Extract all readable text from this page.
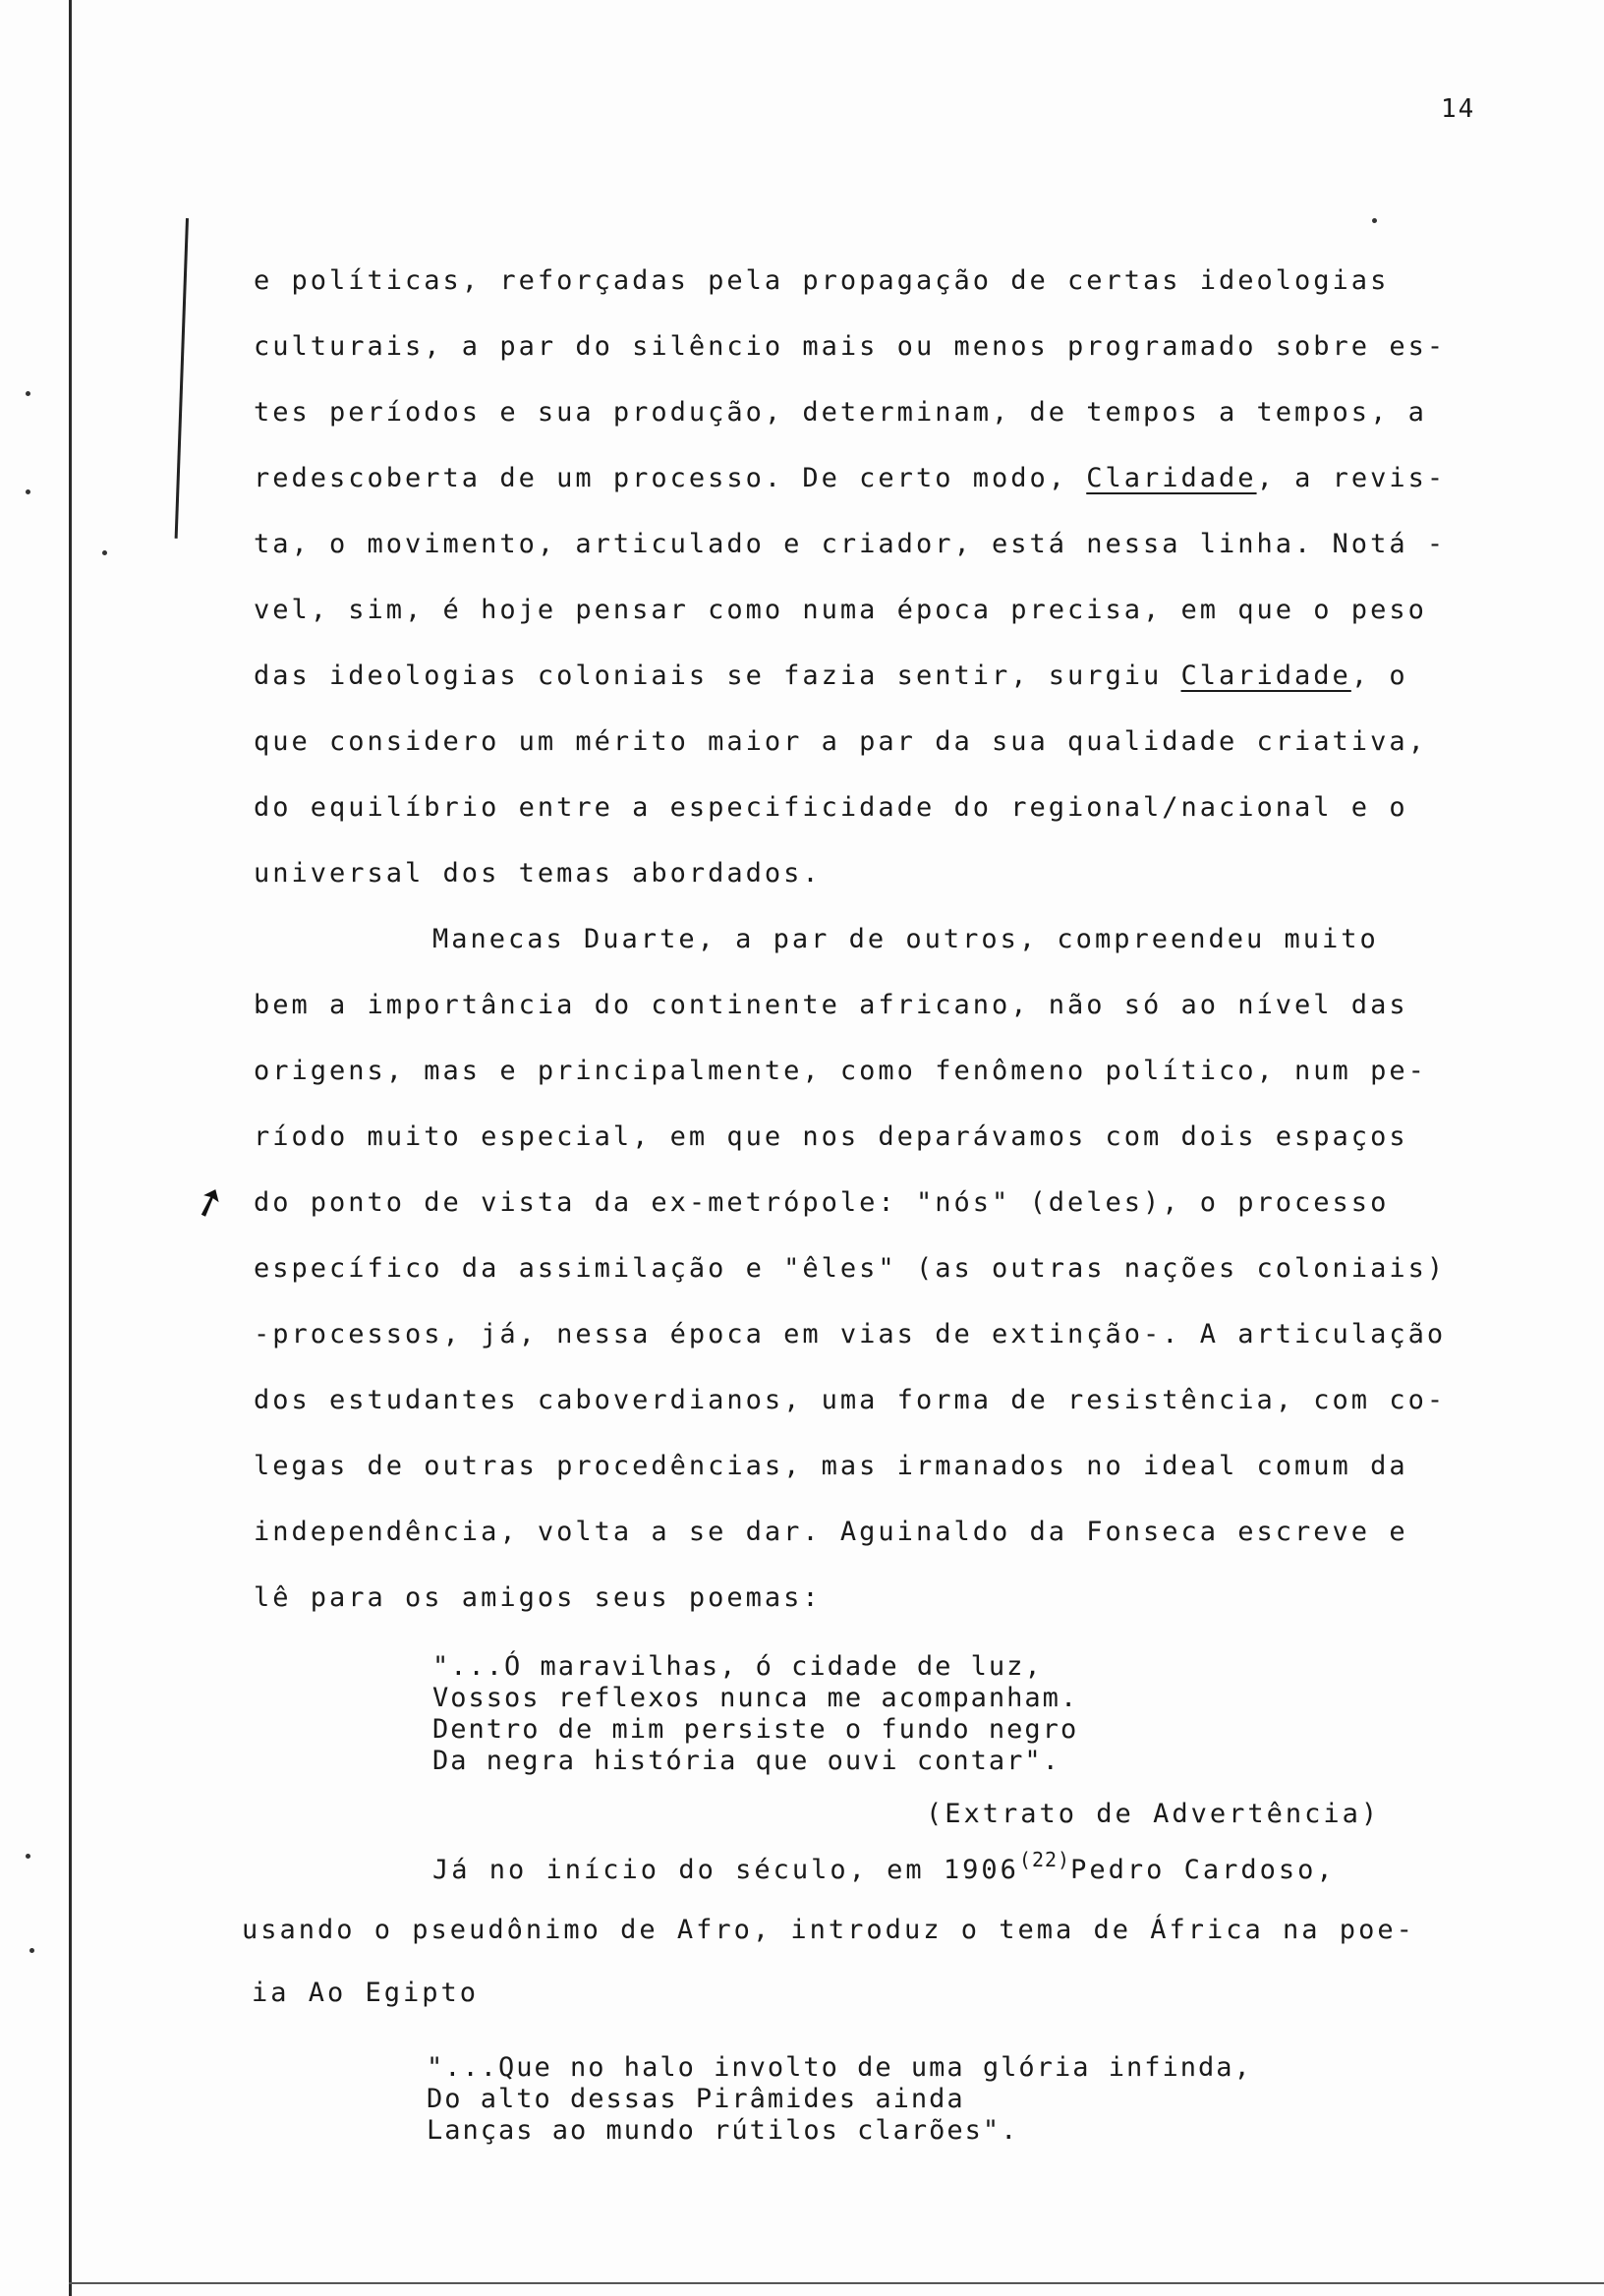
14
➚
e políticas, reforçadas pela propagação de certas ideologias
culturais, a par do silêncio mais ou menos programado sobre es-
tes períodos e sua produção, determinam, de tempos a tempos, a
redescoberta de um processo. De certo modo, Claridade, a revis-
ta, o movimento, articulado e criador, está nessa linha. Notá -
vel, sim, é hoje pensar como numa época precisa, em que o peso
das ideologias coloniais se fazia sentir, surgiu Claridade, o
que considero um mérito maior a par da sua qualidade criativa,
do equilíbrio entre a especificidade do regional/nacional e o
universal dos temas abordados.
Manecas Duarte, a par de outros, compreendeu muito
bem a importância do continente africano, não só ao nível das
origens, mas e principalmente, como fenômeno político, num pe-
ríodo muito especial, em que nos deparávamos com dois espaços
do ponto de vista da ex-metrópole: "nós" (deles), o processo
específico da assimilação e "êles" (as outras nações coloniais)
-processos, já, nessa época em vias de extinção-. A articulação
dos estudantes caboverdianos, uma forma de resistência, com co-
legas de outras procedências, mas irmanados no ideal comum da
independência, volta a se dar. Aguinaldo da Fonseca escreve e
lê para os amigos seus poemas:
"...Ó maravilhas, ó cidade de luz,
Vossos reflexos nunca me acompanham.
Dentro de mim persiste o fundo negro
Da negra história que ouvi contar".
(Extrato de Advertência)
Já no início do século, em 1906$^{(22)}$Pedro Cardoso,
usando o pseudônimo de Afro, introduz o tema de África na poe-
ia Ao Egipto
"...Que no halo involto de uma glória infinda,
Do alto dessas Pirâmides ainda
Lanças ao mundo rútilos clarões".
